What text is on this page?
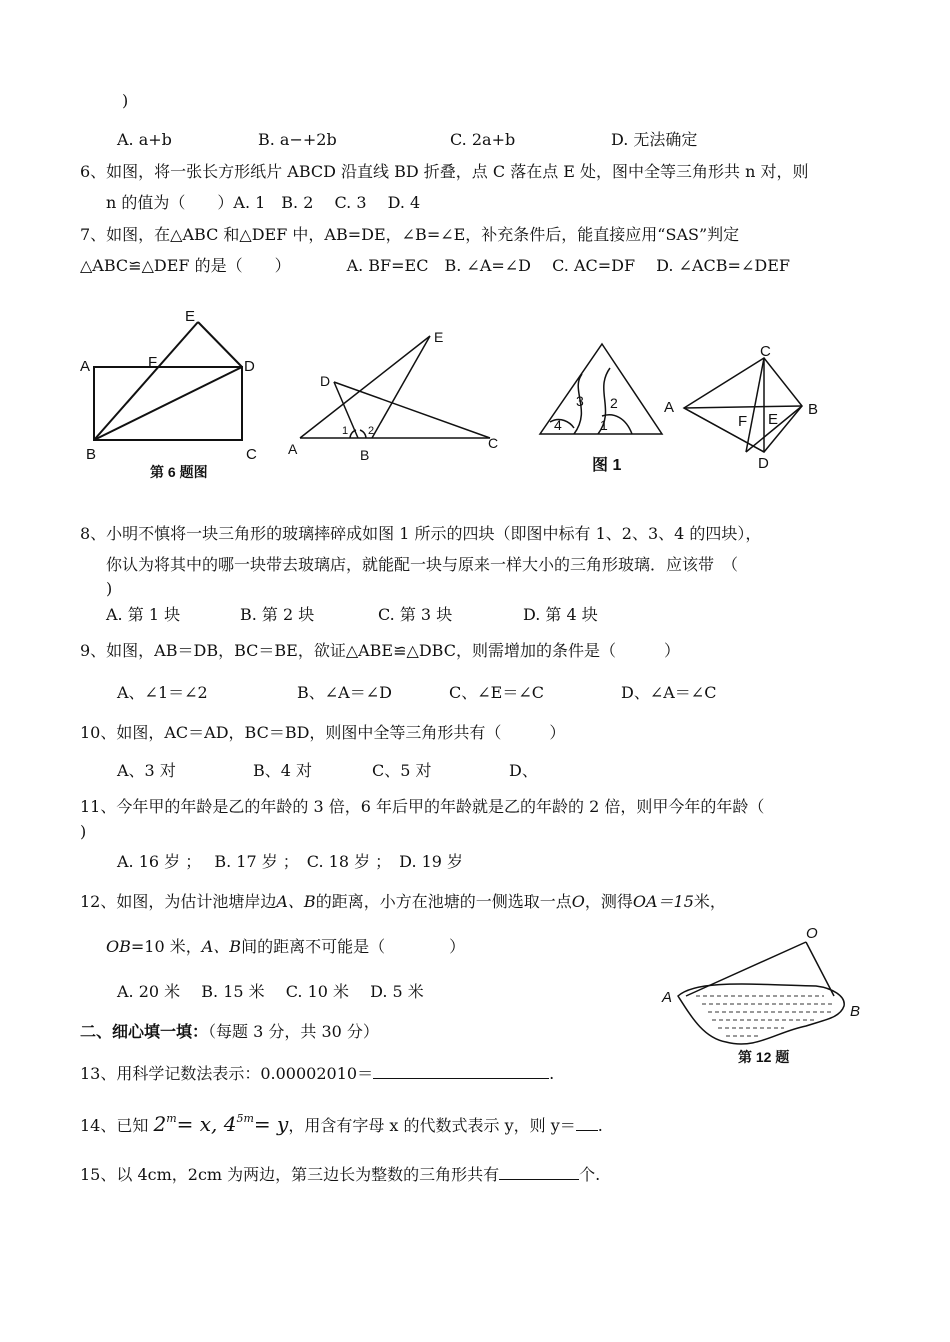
)
A. a+b	B. a−+2b	C. 2a+b	D. 无法确定
6、如图，将一张长方形纸片 ABCD 沿直线 BD 折叠，点 C 落在点 E 处，图中全等三角形共 n 对，则
n 的值为（　　）A. 1　B. 2　 C. 3　 D. 4
7、如图，在△ABC 和△DEF 中，AB=DE，∠B=∠E，补充条件后，能直接应用“SAS”判定
△ABC≌△DEF 的是（　　）　　　　A. BF=EC　B. ∠A=∠D　 C. AC=DF　 D. ∠ACB=∠DEF
E
A	F	D
B	C
第 6 题图
E
D
A
1 2
B
C
3 2
4	1
图 1
C
A	B
F E
D
8、小明不慎将一块三角形的玻璃摔碎成如图 1 所示的四块（即图中标有 1、2、3、4 的四块），
你认为将其中的哪一块带去玻璃店，就能配一块与原来一样大小的三角形玻璃．应该带　（
)
A. 第 1 块	B. 第 2 块	C. 第 3 块	D. 第 4 块
9、如图，AB＝DB，BC＝BE，欲证△ABE≌△DBC，则需增加的条件是（　　　）
A、∠1＝∠2	B、∠A＝∠D	C、∠E＝∠C	D、∠A＝∠C
10、如图，AC＝AD，BC＝BD，则图中全等三角形共有（　　　）
A、3 对	B、4 对	C、5 对	D、
11、今年甲的年龄是乙的年龄的 3 倍，6 年后甲的年龄就是乙的年龄的 2 倍，则甲今年的年龄（
)
A. 16 岁 ；　 B. 17 岁 ；　C. 18 岁 ；　D. 19 岁
12、如图，为估计池塘岸边A、B的距离，小方在池塘的一侧选取一点O，测得OA＝15米，
OB=10 米，A、B间的距离不可能是（　　　　）
A. 20 米　 B. 15 米　 C. 10 米　 D. 5 米
O
A
B
第 12 题
二、细心填一填：（每题 3 分，共 30 分）
13、用科学记数法表示：0.00002010＝	.
14、已知 $2^m= x$, $4^{5m}= y$，用含有字母 x 的代数式表示 y，则 y＝ .
15、以 4cm，2cm 为两边，第三边长为整数的三角形共有	个.
